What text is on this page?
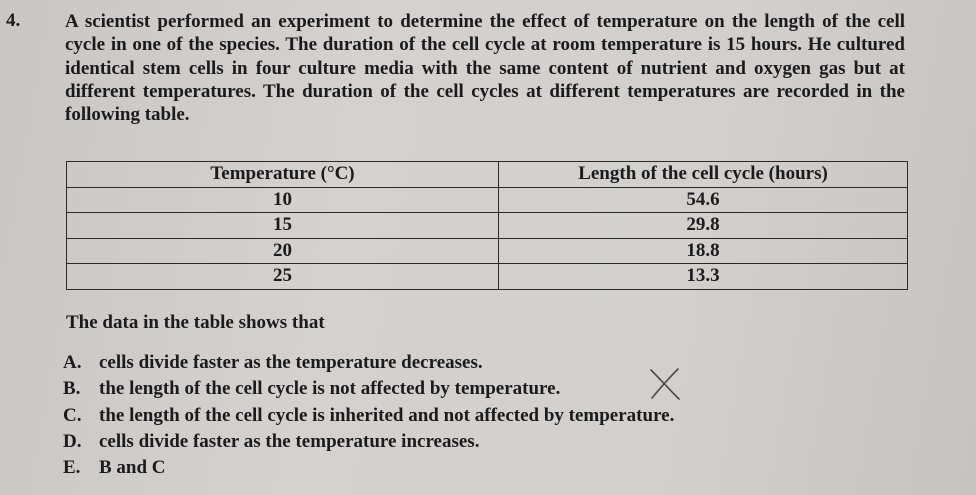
4. A scientist performed an experiment to determine the effect of temperature on the length of the cell cycle in one of the species. The duration of the cell cycle at room temperature is 15 hours. He cultured identical stem cells in four culture media with the same content of nutrient and oxygen gas but at different temperatures. The duration of the cell cycles at different temperatures are recorded in the following table.
Temperature (°C)	Length of the cell cycle (hours)
10	54.6
15	29.8
20	18.8
25	13.3
The data in the table shows that
A. cells divide faster as the temperature decreases.
B. the length of the cell cycle is not affected by temperature.
C. the length of the cell cycle is inherited and not affected by temperature.
D. cells divide faster as the temperature increases.
E. B and C
